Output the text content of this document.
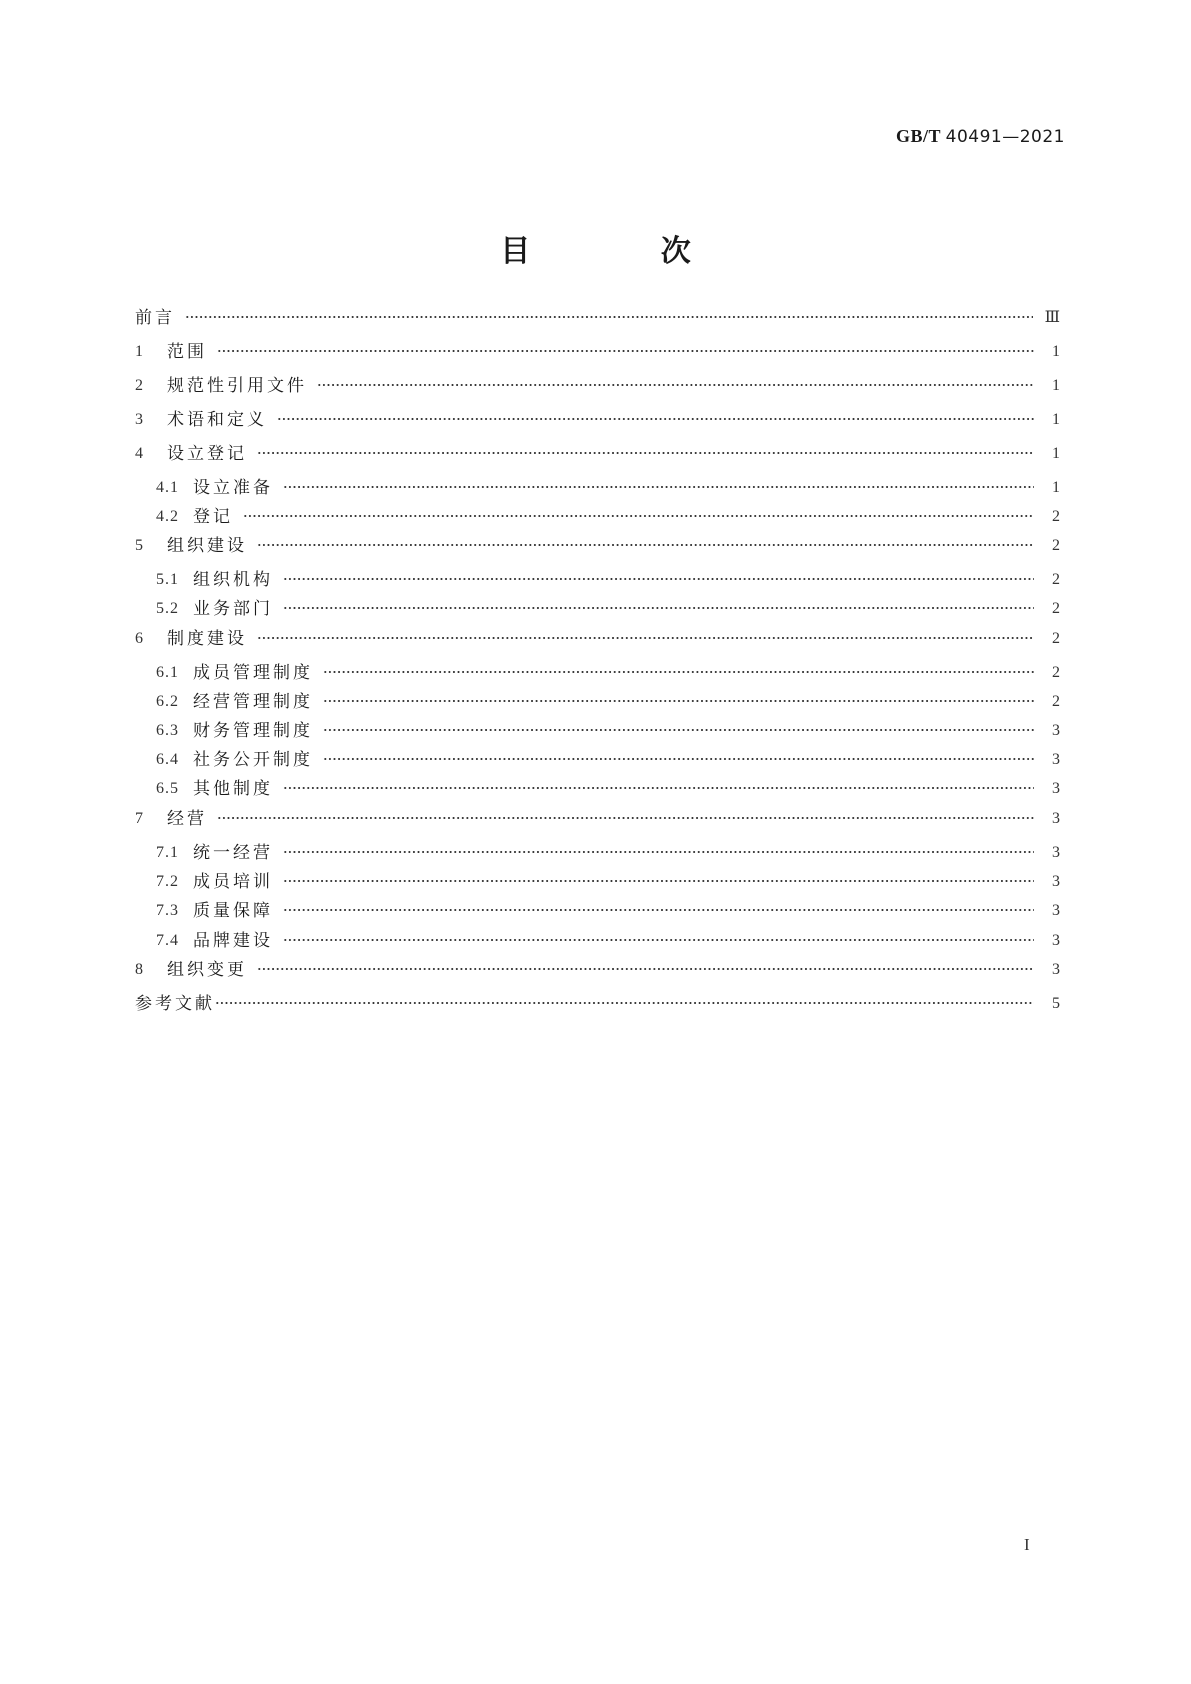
GB/T 40491—2021
目 次
前言	Ⅲ
1	范围	1
2	规范性引用文件	1
3	术语和定义	1
4	设立登记	1
4.1 设立准备	1
4.2 登记	2
5	组织建设	2
5.1 组织机构	2
5.2 业务部门	2
6	制度建设	2
6.1 成员管理制度	2
6.2 经营管理制度	2
6.3 财务管理制度	3
6.4 社务公开制度	3
6.5 其他制度	3
7	经营	3
7.1 统一经营	3
7.2 成员培训	3
7.3 质量保障	3
7.4 品牌建设	3
8	组织变更	3
参考文献	5
I
